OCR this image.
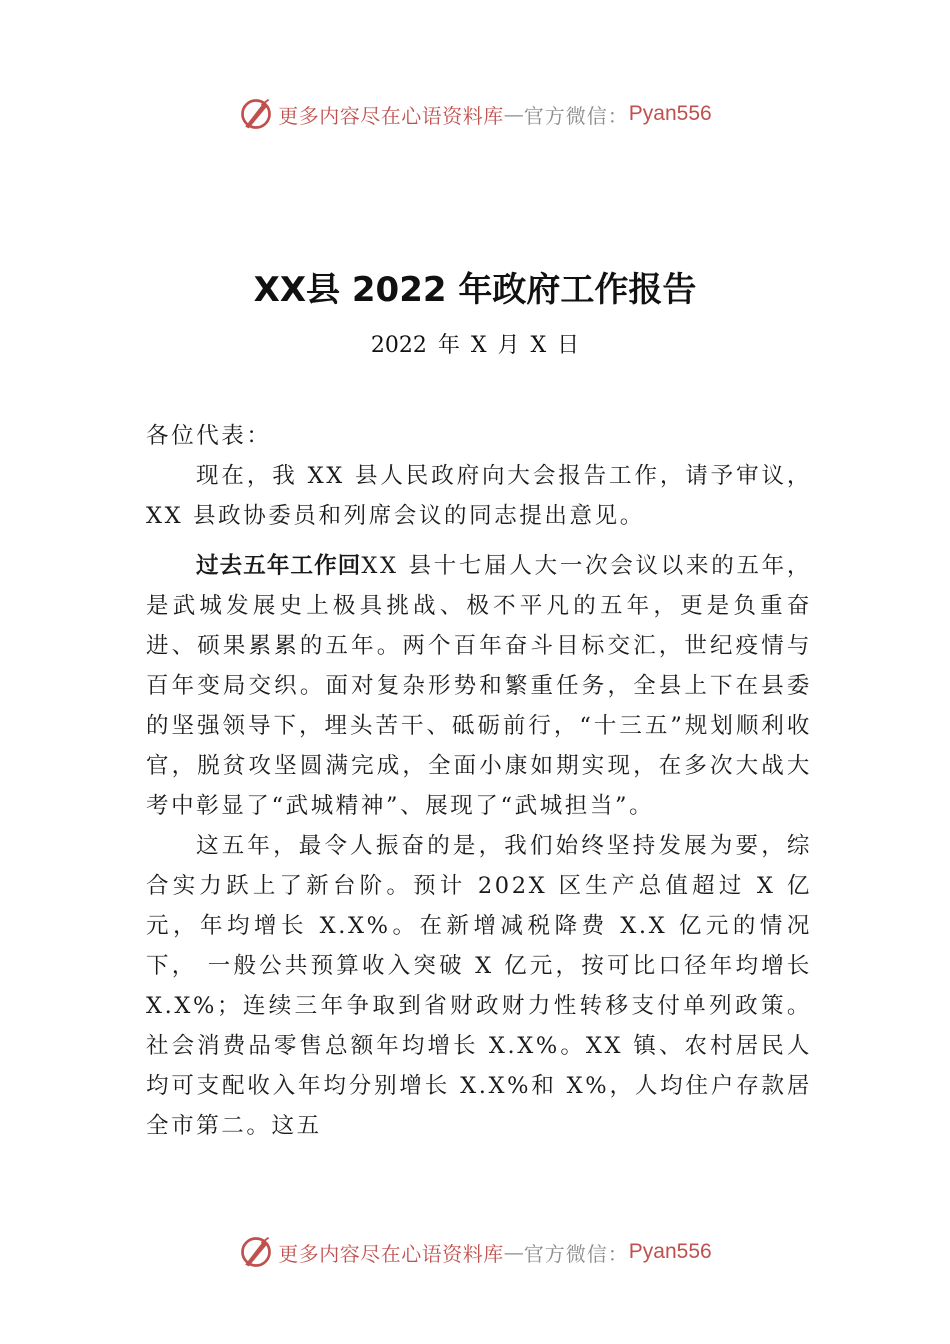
更多内容尽在心语资料库 — 官方微信： Pyan556
XX县 2022 年政府工作报告
2022 年 X 月 X 日

各位代表：

现在，我 XX 县人民政府向大会报告工作，请予审议， XX 县政协委员和列席会议的同志提出意见。

过去五年工作回XX 县十七届人大一次会议以来的五年，是武城发展史上极具挑战、极不平凡的五年，更是负重奋进、硕果累累的五年。两个百年奋斗目标交汇，世纪疫情与百年变局交织。面对复杂形势和繁重任务，全县上下在县委的坚强领导下，埋头苦干、砥砺前行，“十三五”规划顺利收官，脱贫攻坚圆满完成，全面小康如期实现，在多次大战大考中彰显了“武城精神”、展现了“武城担当”。

这五年，最令人振奋的是，我们始终坚持发展为要，综合实力跃上了新台阶。预计 202X 区生产总值超过 X 亿元，年均增长 X.X%。在新增减税降费 X.X 亿元的情况下， 一般公共预算收入突破 X 亿元，按可比口径年均增长 X.X%；连续三年争取到省财政财力性转移支付单列政策。社会消费品零售总额年均增长 X.X%。XX 镇、农村居民人均可支配收入年均分别增长 X.X%和 X%，人均住户存款居全市第二。这五

更多内容尽在心语资料库 — 官方微信： Pyan556
